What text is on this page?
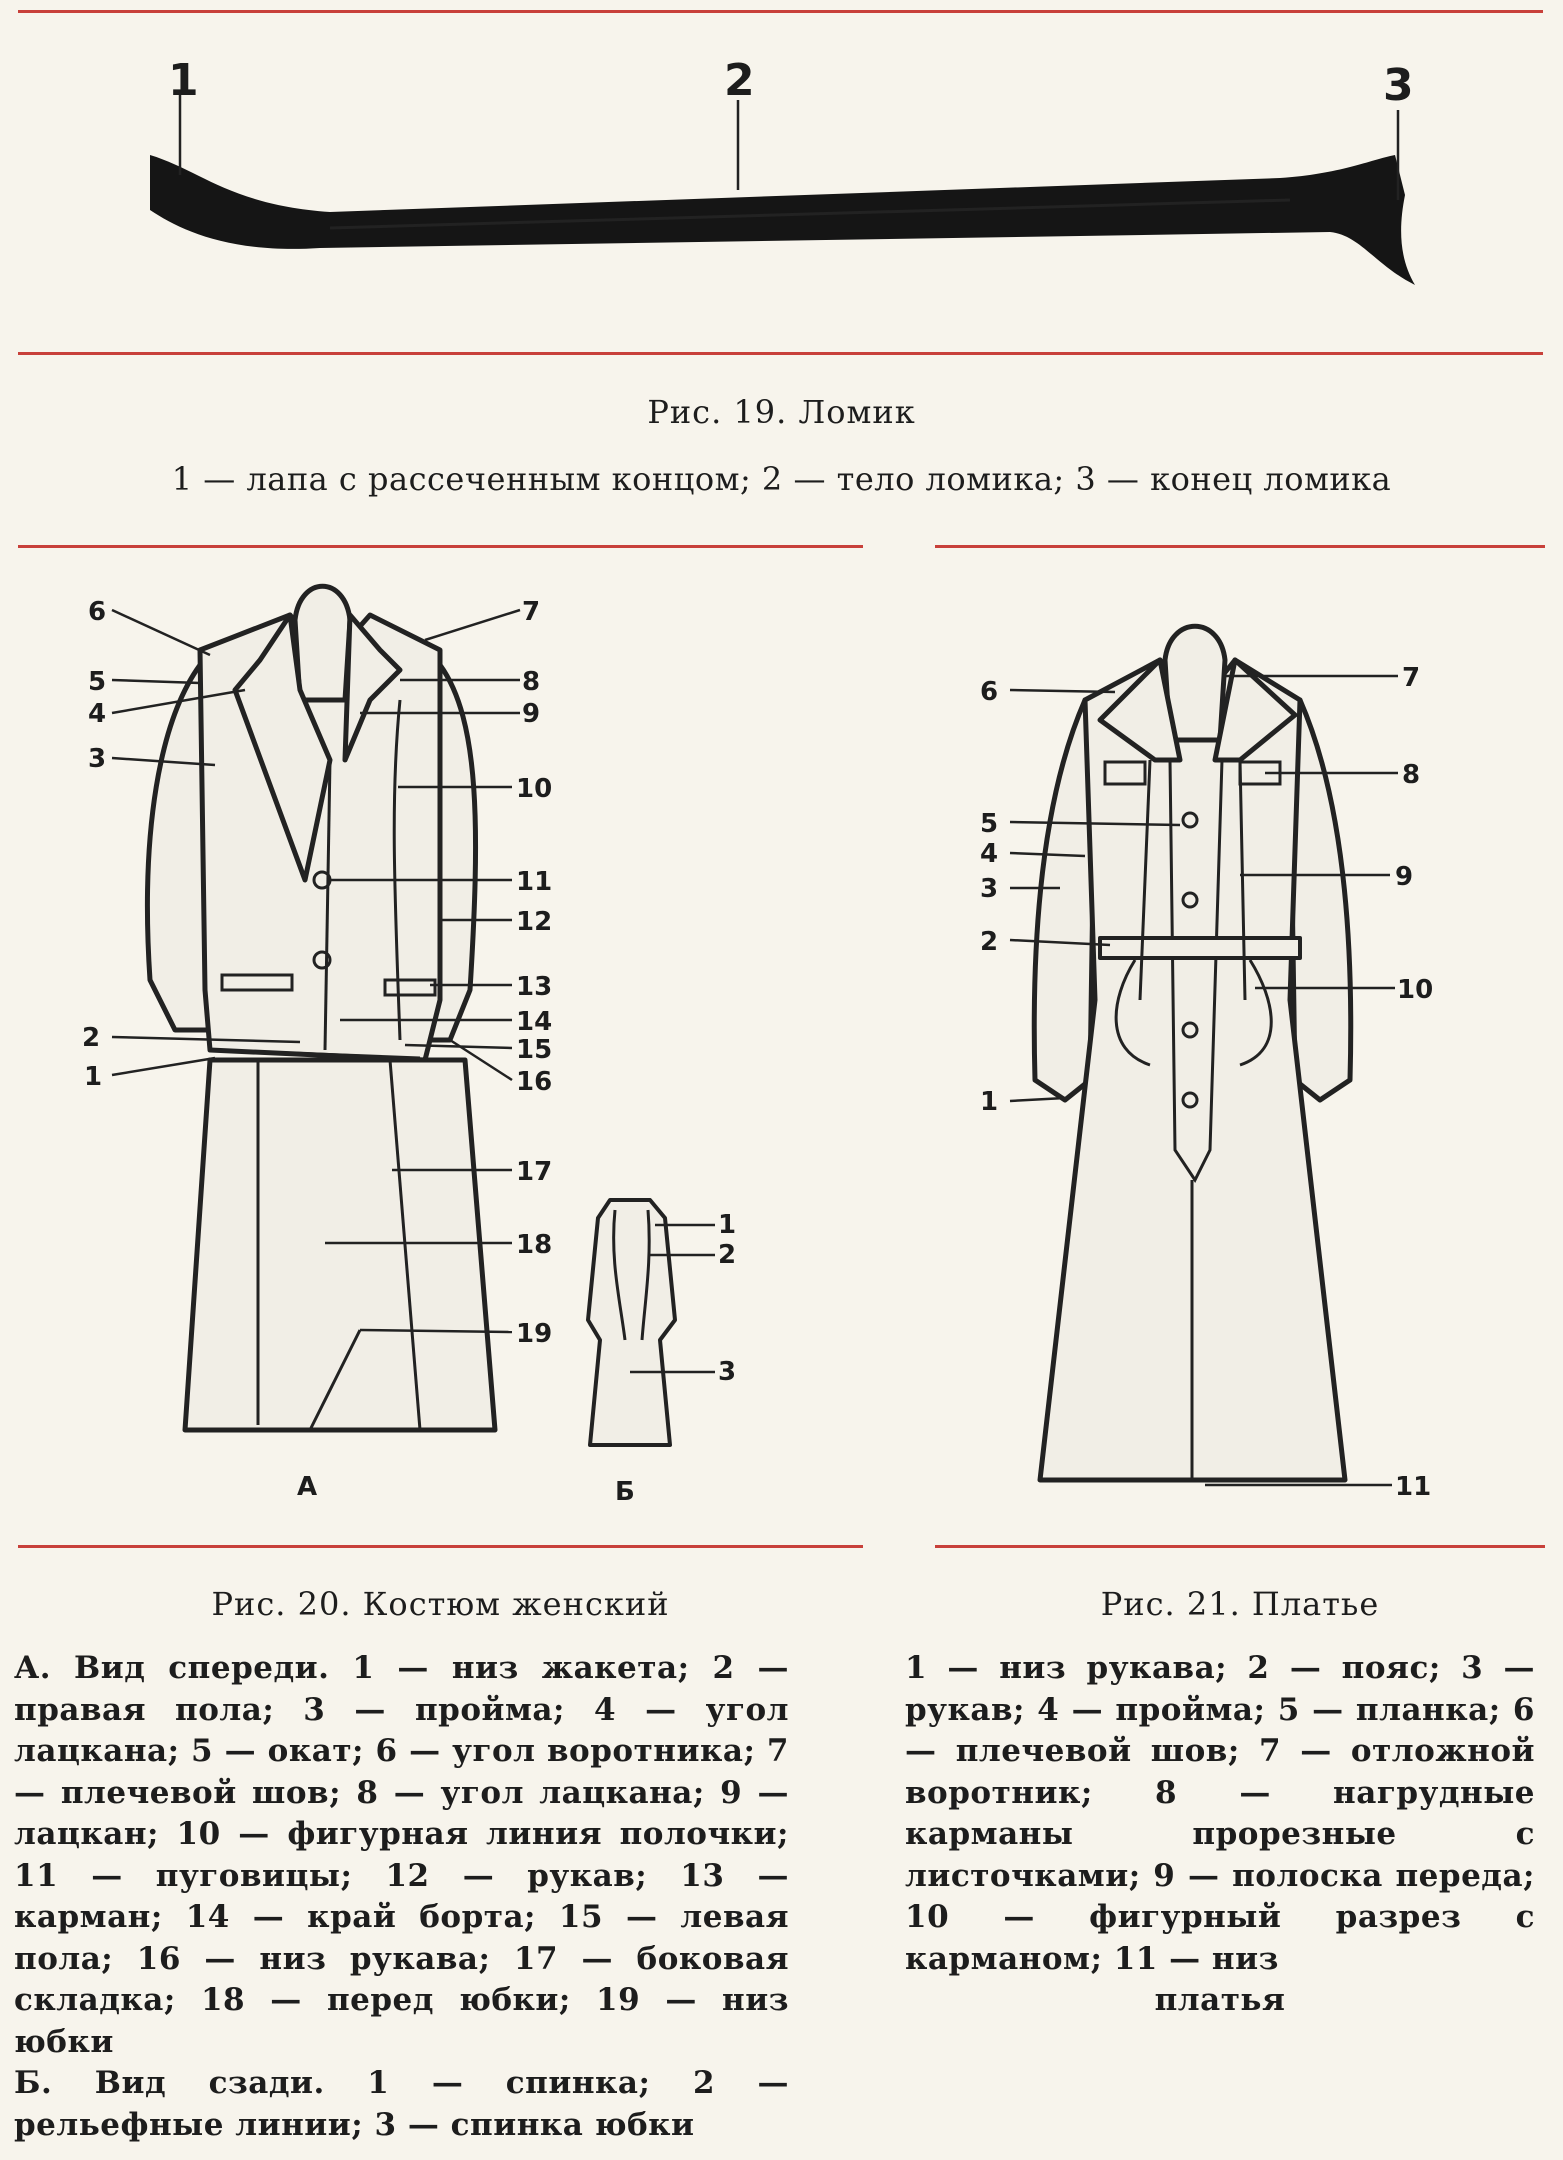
1	2	3
Рис. 19. Ломик
1 — лапа с рассеченным концом; 2 — тело ломика; 3 — конец ломика
6
5
4
3
2
1
7
8
9
10
11
12
13
14
15
16
17
18
19
1
2
3
А	Б
6
5
4
3
2
1
7
8
9
10
11
Рис. 20. Костюм женский	Рис. 21. Платье
А. Вид спереди. 1 — низ жакета; 2 — правая пола; 3 — пройма; 4 — угол лацкана; 5 — окат; 6 — угол воротника; 7 — плечевой шов; 8 — угол лацкана; 9 — лацкан; 10 — фигурная линия полочки; 11 — пуговицы; 12 — рукав; 13 — карман; 14 — край борта; 15 — левая пола; 16 — низ рукава; 17 — боковая складка; 18 — перед юбки; 19 — низ юбки
Б. Вид сзади. 1 — спинка; 2 — рельефные линии; 3 — спинка юбки
1 — низ рукава; 2 — пояс; 3 — рукав; 4 — пройма; 5 — планка; 6 — плечевой шов; 7 — отложной воротник; 8 — нагрудные карманы прорезные с листочками; 9 — полоска переда; 10 — фигурный разрез с карманом; 11 — низ
платья
